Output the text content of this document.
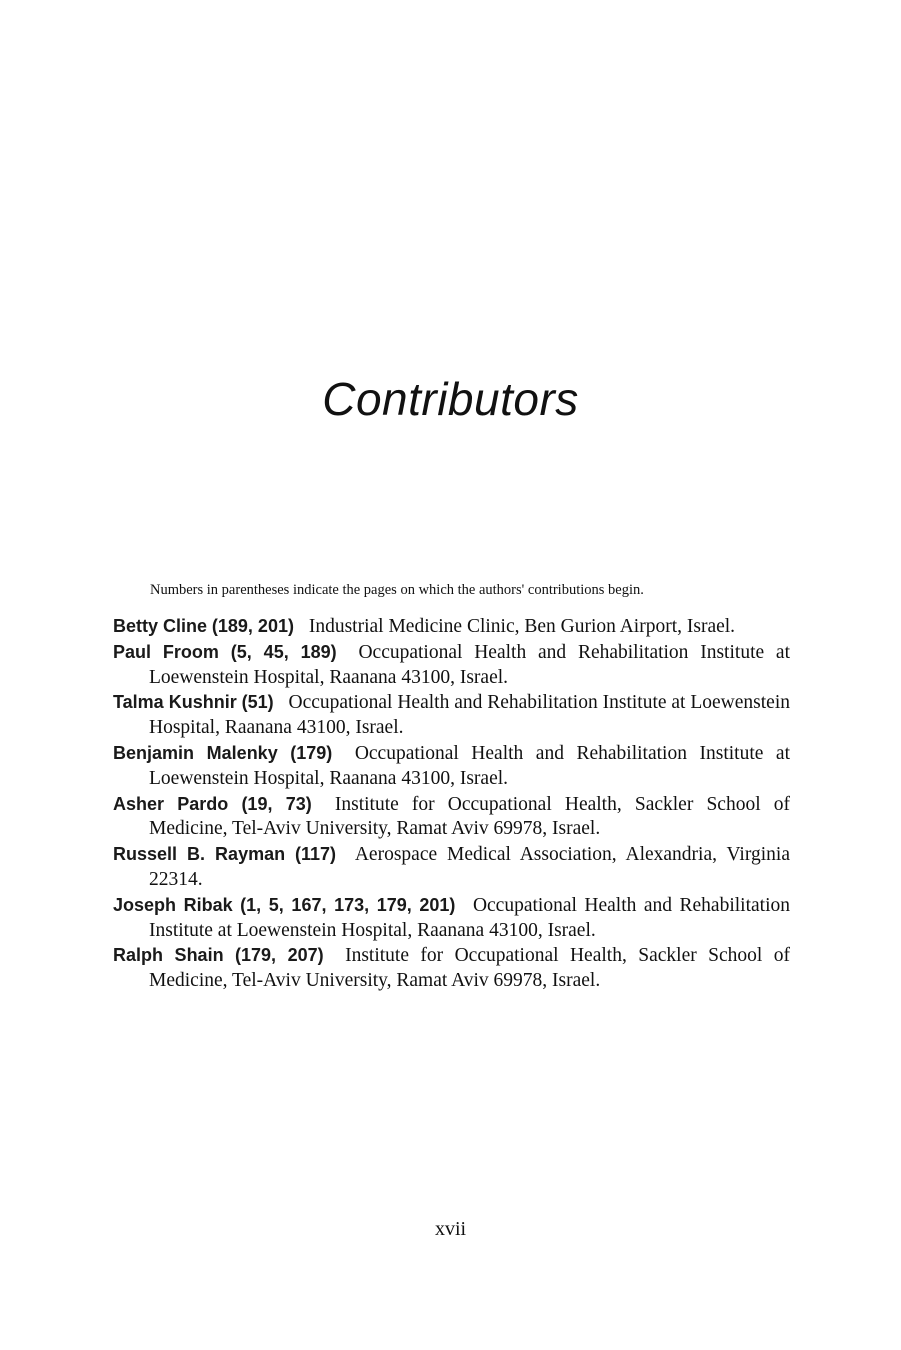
Contributors

Numbers in parentheses indicate the pages on which the authors' contributions begin.

Betty Cline (189, 201) Industrial Medicine Clinic, Ben Gurion Airport, Israel.
Paul Froom (5, 45, 189) Occupational Health and Rehabilitation Institute at Loewenstein Hospital, Raanana 43100, Israel.
Talma Kushnir (51) Occupational Health and Rehabilitation Institute at Loewenstein Hospital, Raanana 43100, Israel.
Benjamin Malenky (179) Occupational Health and Rehabilitation Institute at Loewenstein Hospital, Raanana 43100, Israel.
Asher Pardo (19, 73) Institute for Occupational Health, Sackler School of Medicine, Tel-Aviv University, Ramat Aviv 69978, Israel.
Russell B. Rayman (117) Aerospace Medical Association, Alexandria, Virginia 22314.
Joseph Ribak (1, 5, 167, 173, 179, 201) Occupational Health and Rehabilitation Institute at Loewenstein Hospital, Raanana 43100, Israel.
Ralph Shain (179, 207) Institute for Occupational Health, Sackler School of Medicine, Tel-Aviv University, Ramat Aviv 69978, Israel.
xvii
